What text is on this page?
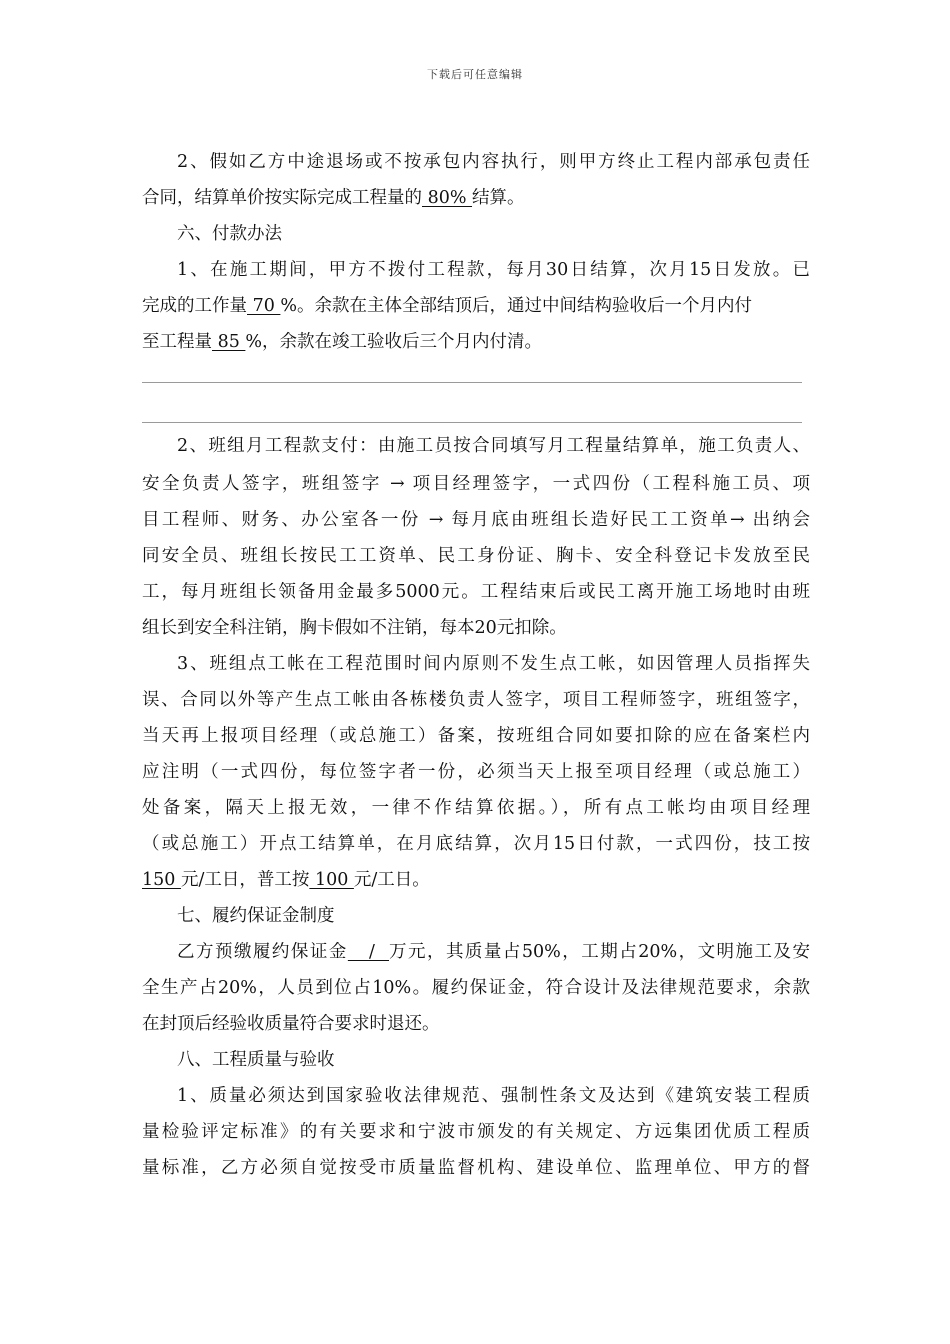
下载后可任意编辑
2、假如乙方中途退场或不按承包内容执行，则甲方终止工程内部承包责任
合同，结算单价按实际完成工程量的 80% 结算。
六、付款办法
1、在施工期间，甲方不拨付工程款，每月30日结算，次月15日发放。已
完成的工作量 70 %。余款在主体全部结顶后，通过中间结构验收后一个月内付
至工程量 85 %，余款在竣工验收后三个月内付清。
2、班组月工程款支付：由施工员按合同填写月工程量结算单，施工负责人、
安全负责人签字，班组签字 → 项目经理签字，一式四份（工程科施工员、项
目工程师、财务、办公室各一份 → 每月底由班组长造好民工工资单→ 出纳会
同安全员、班组长按民工工资单、民工身份证、胸卡、安全科登记卡发放至民
工，每月班组长领备用金最多5000元。工程结束后或民工离开施工场地时由班
组长到安全科注销，胸卡假如不注销，每本20元扣除。
3、班组点工帐在工程范围时间内原则不发生点工帐，如因管理人员指挥失
误、合同以外等产生点工帐由各栋楼负责人签字，项目工程师签字，班组签字，
当天再上报项目经理（或总施工）备案，按班组合同如要扣除的应在备案栏内
应注明（一式四份，每位签字者一份，必须当天上报至项目经理（或总施工）
处备案，隔天上报无效，一律不作结算依据。），所有点工帐均由项目经理
（或总施工）开点工结算单，在月底结算，次月15日付款，一式四份，技工按
150 元/工日，普工按 100 元/工日。
七、履约保证金制度
乙方预缴履约保证金   /  万元，其质量占50%，工期占20%，文明施工及安
全生产占20%，人员到位占10%。履约保证金，符合设计及法律规范要求，余款
在封顶后经验收质量符合要求时退还。
八、工程质量与验收
1、质量必须达到国家验收法律规范、强制性条文及达到《建筑安装工程质
量检验评定标准》的有关要求和宁波市颁发的有关规定、方远集团优质工程质
量标准，乙方必须自觉按受市质量监督机构、建设单位、监理单位、甲方的督
